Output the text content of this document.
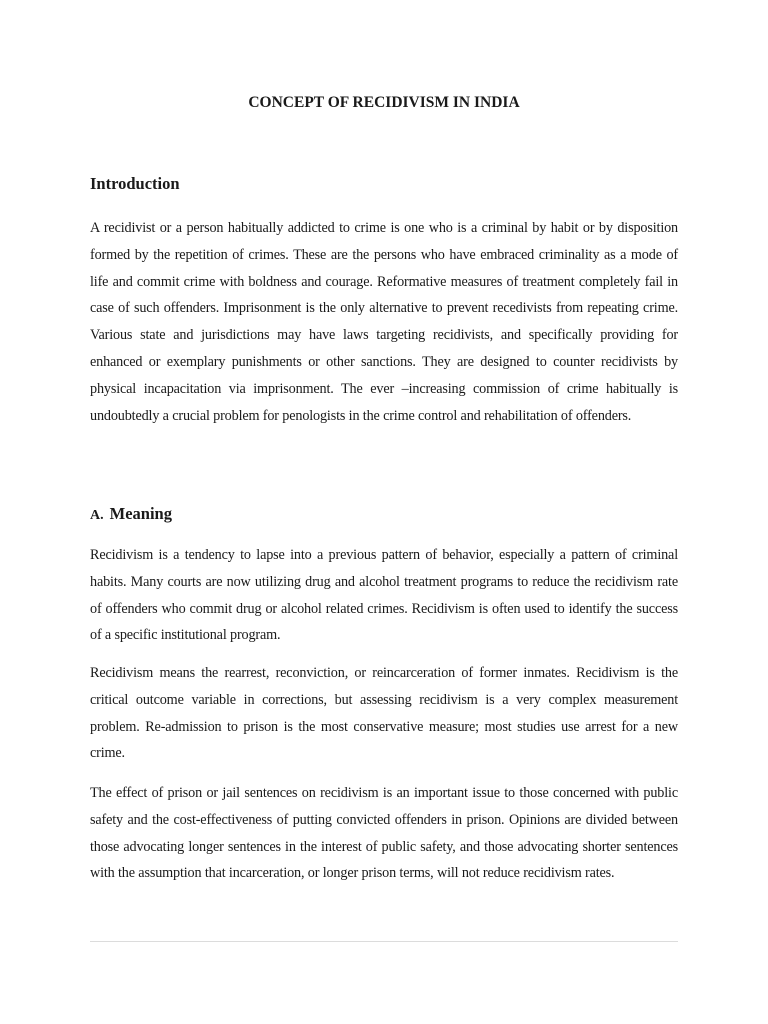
CONCEPT OF RECIDIVISM IN INDIA
Introduction

A recidivist or a person habitually addicted to crime is one who is a criminal by habit or by disposition formed by the repetition of crimes. These are the persons who have embraced criminality as a mode of life and commit crime with boldness and courage. Reformative measures of treatment completely fail in case of such offenders. Imprisonment is the only alternative to prevent recedivists from repeating crime. Various state and jurisdictions may have laws targeting recidivists, and specifically providing for enhanced or exemplary punishments or other sanctions. They are designed to counter recidivists by physical incapacitation via imprisonment. The ever –increasing commission of crime habitually is undoubtedly a crucial problem for penologists in the crime control and rehabilitation of offenders.

A. Meaning

Recidivism is a tendency to lapse into a previous pattern of behavior, especially a pattern of criminal habits. Many courts are now utilizing drug and alcohol treatment programs to reduce the recidivism rate of offenders who commit drug or alcohol related crimes. Recidivism is often used to identify the success of a specific institutional program.

Recidivism means the rearrest, reconviction, or reincarceration of former inmates. Recidivism is the critical outcome variable in corrections, but assessing recidivism is a very complex measurement problem. Re-admission to prison is the most conservative measure; most studies use arrest for a new crime.

The effect of prison or jail sentences on recidivism is an important issue to those concerned with public safety and the cost-effectiveness of putting convicted offenders in prison. Opinions are divided between those advocating longer sentences in the interest of public safety, and those advocating shorter sentences with the assumption that incarceration, or longer prison terms, will not reduce recidivism rates.
